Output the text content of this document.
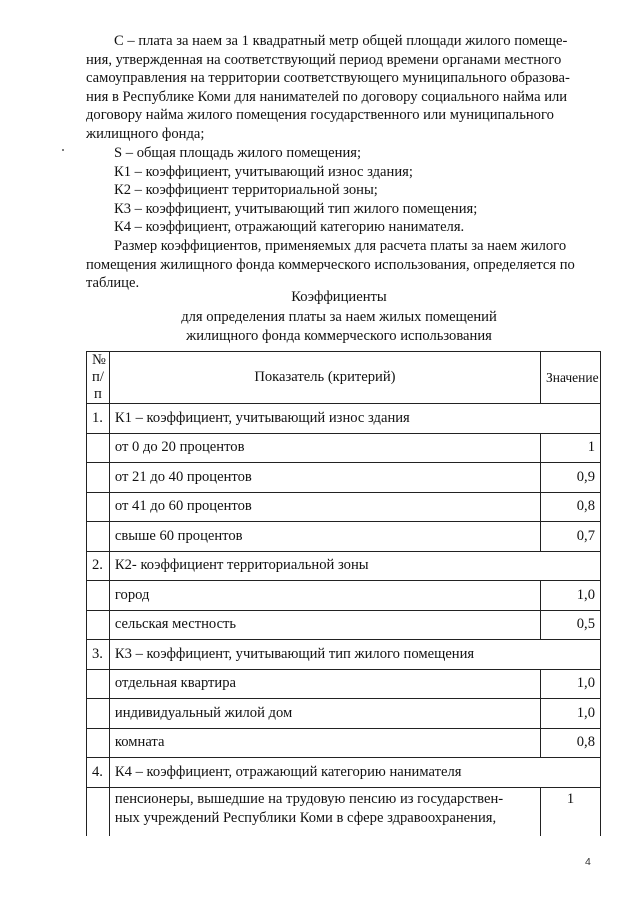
С – плата за наем за 1 квадратный метр общей площади жилого помеще-
ния, утвержденная на соответствующий период времени органами местного
самоуправления на территории соответствующего муниципального образова-
ния в Республике Коми для нанимателей по договору социального найма или
договору найма жилого помещения государственного или муниципального
жилищного фонда;
S – общая площадь жилого помещения;
К1 – коэффициент, учитывающий износ здания;
К2 – коэффициент территориальной зоны;
К3 – коэффициент, учитывающий тип жилого помещения;
К4 – коэффициент, отражающий категорию нанимателя.
Размер коэффициентов, применяемых для расчета платы за наем жилого
помещения жилищного фонда коммерческого использования, определяется по
таблице.
Коэффициенты
для определения платы за наем жилых помещений
жилищного фонда коммерческого использования
№
п/п	Показатель (критерий)	Значение
1.	К1 – коэффициент, учитывающий износ здания	
	от 0 до 20 процентов	1
	от 21 до 40 процентов	0,9
	от 41 до 60 процентов	0,8
	свыше 60 процентов	0,7
2.	К2- коэффициент территориальной зоны	
	город	1,0
	сельская местность	0,5
3.	К3 – коэффициент, учитывающий тип жилого помещения	
	отдельная квартира	1,0
	индивидуальный жилой дом	1,0
	комната	0,8
4.	К4 – коэффициент, отражающий категорию нанимателя	

	пенсионеры, вышедшие на трудовую пенсию из государствен-
ных учреждений Республики Коми в сфере здравоохранения,	1
4
